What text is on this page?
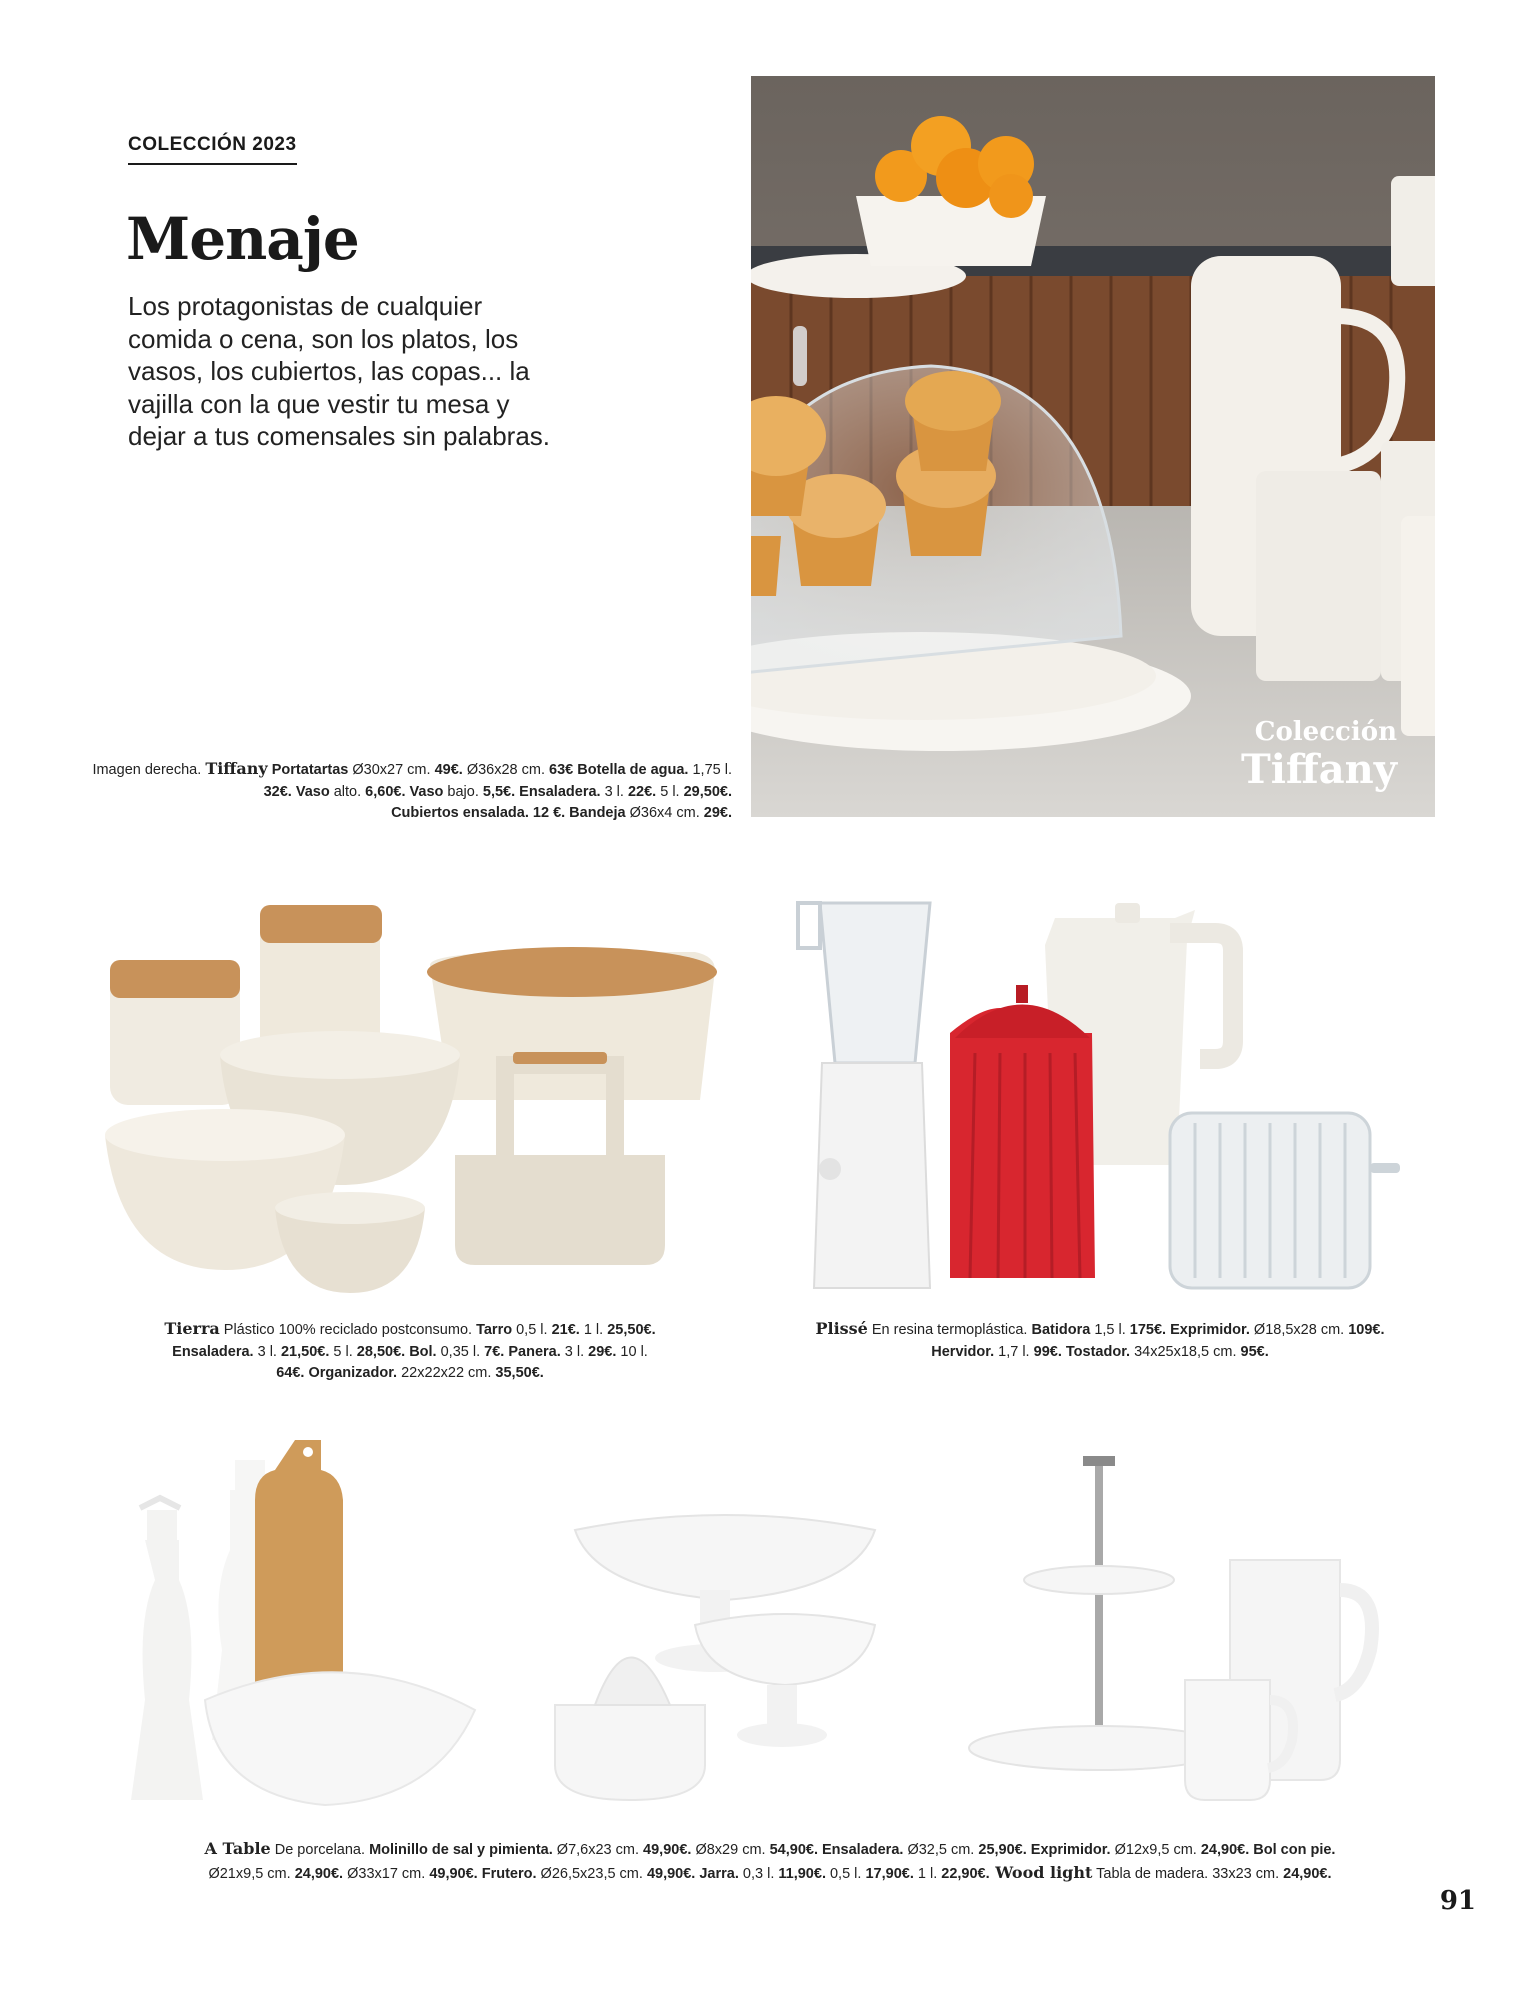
COLECCIÓN 2023
Menaje
Los protagonistas de cualquier comida o cena, son los platos, los vasos, los cubiertos, las copas... la vajilla con la que vestir tu mesa y dejar a tus comensales sin palabras.
Imagen derecha. Tiffany Portatartas Ø30x27 cm. 49€. Ø36x28 cm. 63€ Botella de agua. 1,75 l. 32€. Vaso alto. 6,60€. Vaso bajo. 5,5€. Ensaladera. 3 l. 22€. 5 l. 29,50€.
Cubiertos ensalada. 12 €. Bandeja Ø36x4 cm. 29€.
Colección
Tiffany
Tierra Plástico 100% reciclado postconsumo. Tarro 0,5 l. 21€. 1 l. 25,50€.
Ensaladera. 3 l. 21,50€. 5 l. 28,50€. Bol. 0,35 l. 7€. Panera. 3 l. 29€. 10 l.
64€. Organizador. 22x22x22 cm. 35,50€.
Plissé En resina termoplástica. Batidora 1,5 l. 175€. Exprimidor. Ø18,5x28 cm. 109€. Hervidor. 1,7 l. 99€. Tostador. 34x25x18,5 cm. 95€.
A Table De porcelana. Molinillo de sal y pimienta. Ø7,6x23 cm. 49,90€. Ø8x29 cm. 54,90€. Ensaladera. Ø32,5 cm. 25,90€. Exprimidor. Ø12x9,5 cm. 24,90€. Bol con pie.
Ø21x9,5 cm. 24,90€. Ø33x17 cm. 49,90€. Frutero. Ø26,5x23,5 cm. 49,90€. Jarra. 0,3 l. 11,90€. 0,5 l. 17,90€. 1 l. 22,90€. Wood light Tabla de madera. 33x23 cm. 24,90€.
91
